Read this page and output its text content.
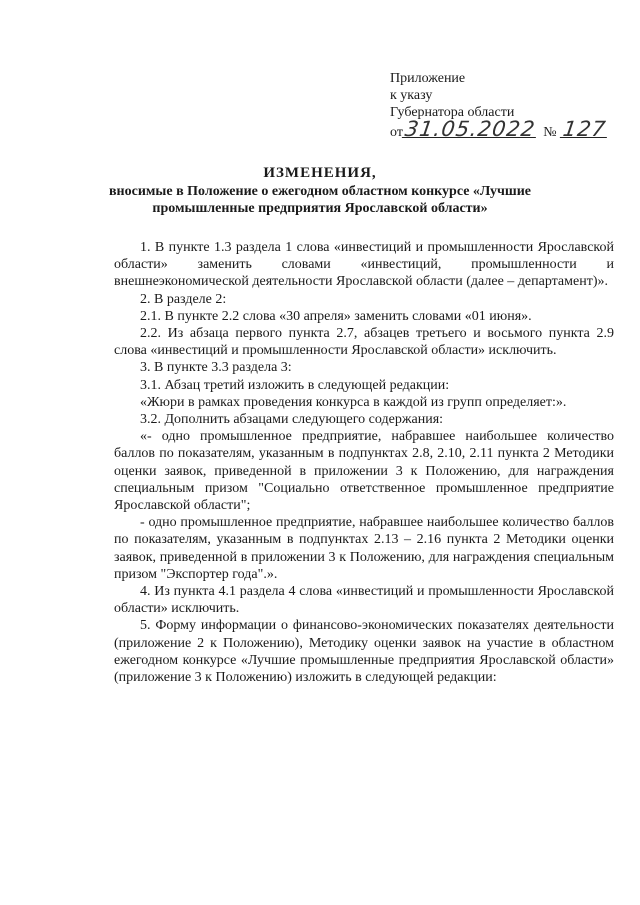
Приложение
к указу
Губернатора области
от31.05.2022 № 127
ИЗМЕНЕНИЯ,
вносимые в Положение о ежегодном областном конкурсе «Лучшие промышленные предприятия Ярославской области»

1. В пункте 1.3 раздела 1 слова «инвестиций и промышленности Ярославской области» заменить словами «инвестиций, промышленности и внешнеэкономической деятельности Ярославской области (далее – департамент)».

2. В разделе 2:

2.1. В пункте 2.2 слова «30 апреля» заменить словами «01 июня».

2.2. Из абзаца первого пункта 2.7, абзацев третьего и восьмого пункта 2.9 слова «инвестиций и промышленности Ярославской области» исключить.

3. В пункте 3.3 раздела 3:

3.1. Абзац третий изложить в следующей редакции:

«Жюри в рамках проведения конкурса в каждой из групп определяет:».

3.2. Дополнить абзацами следующего содержания:

«- одно промышленное предприятие, набравшее наибольшее количество баллов по показателям, указанным в подпунктах 2.8, 2.10, 2.11 пункта 2 Методики оценки заявок, приведенной в приложении 3 к Положению, для награждения специальным призом "Социально ответственное промышленное предприятие Ярославской области";

- одно промышленное предприятие, набравшее наибольшее количество баллов по показателям, указанным в подпунктах 2.13 – 2.16 пункта 2 Методики оценки заявок, приведенной в приложении 3 к Положению, для награждения специальным призом "Экспортер года".».

4. Из пункта 4.1 раздела 4 слова «инвестиций и промышленности Ярославской области» исключить.

5. Форму информации о финансово-экономических показателях деятельности (приложение 2 к Положению), Методику оценки заявок на участие в областном ежегодном конкурсе «Лучшие промышленные предприятия Ярославской области» (приложение 3 к Положению) изложить в следующей редакции:
